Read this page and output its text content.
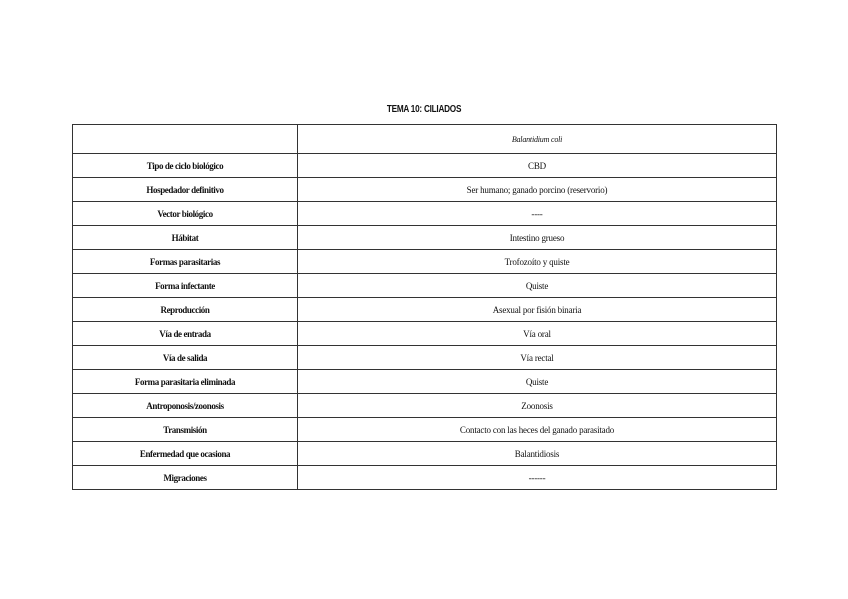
TEMA 10: CILIADOS
	Balantidium coli
Tipo de ciclo biológico	CBD
Hospedador definitivo	Ser humano; ganado porcino (reservorio)
Vector biológico	----
Hábitat	Intestino grueso
Formas parasitarias	Trofozoíto y quiste
Forma infectante	Quiste
Reproducción	Asexual por fisión binaria
Vía de entrada	Vía oral
Vía de salida	Vía rectal
Forma parasitaria eliminada	Quiste
Antroponosis/zoonosis	Zoonosis
Transmisión	Contacto con las heces del ganado parasitado
Enfermedad que ocasiona	Balantidiosis
Migraciones	------
